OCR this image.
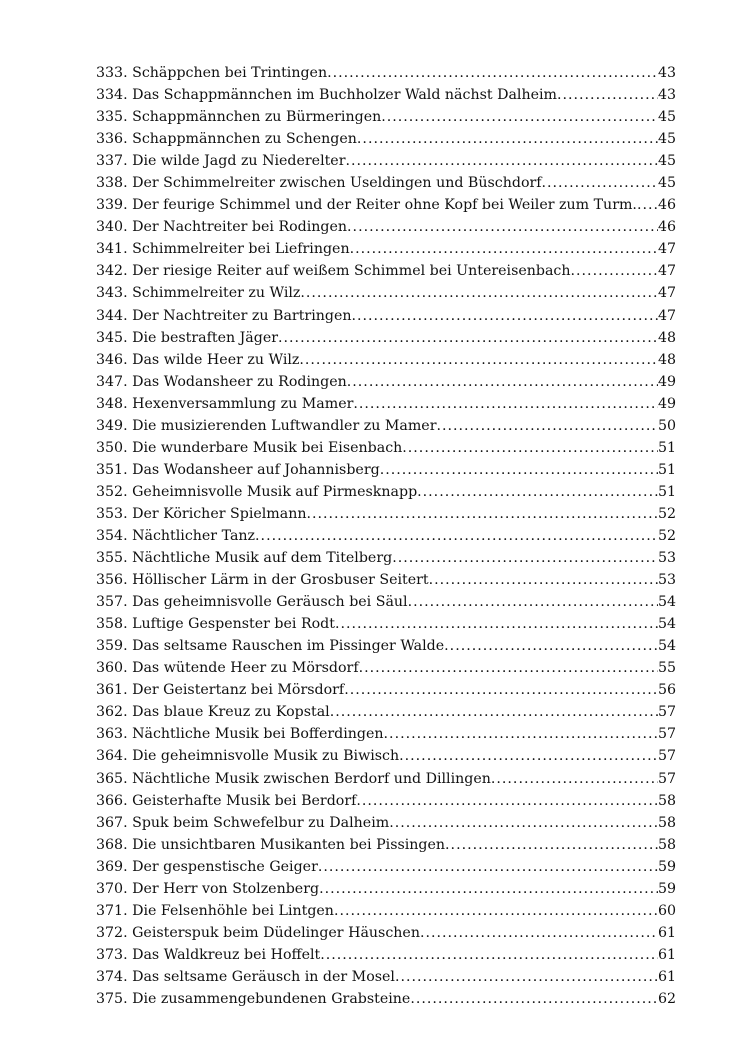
333. Schäppchen bei Trintingen .....	43
334. Das Schappmännchen im Buchholzer Wald nächst Dalheim .....	43
335. Schappmännchen zu Bürmeringen .....	45
336. Schappmännchen zu Schengen .....	45
337. Die wilde Jagd zu Niederelter .....	45
338. Der Schimmelreiter zwischen Useldingen und Büschdorf .....	45
339. Der feurige Schimmel und der Reiter ohne Kopf bei Weiler zum Turm. ..... 46
340. Der Nachtreiter bei Rodingen .....	46
341. Schimmelreiter bei Liefringen .....	47
342. Der riesige Reiter auf weißem Schimmel bei Untereisenbach .....	47
343. Schimmelreiter zu Wilz .....	47
344. Der Nachtreiter zu Bartringen .....	47
345. Die bestraften Jäger .....	48
346. Das wilde Heer zu Wilz .....	48
347. Das Wodansheer zu Rodingen .....	49
348. Hexenversammlung zu Mamer .....	49
349. Die musizierenden Luftwandler zu Mamer .....	50
350. Die wunderbare Musik bei Eisenbach .....	51
351. Das Wodansheer auf Johannisberg .....	51
352. Geheimnisvolle Musik auf Pirmesknapp .....	51
353. Der Köricher Spielmann .....	52
354. Nächtlicher Tanz .....	52
355. Nächtliche Musik auf dem Titelberg .....	53
356. Höllischer Lärm in der Grosbuser Seitert .....	53
357. Das geheimnisvolle Geräusch bei Säul .....	54
358. Luftige Gespenster bei Rodt .....	54
359. Das seltsame Rauschen im Pissinger Walde .....	54
360. Das wütende Heer zu Mörsdorf .....	55
361. Der Geistertanz bei Mörsdorf .....	56
362. Das blaue Kreuz zu Kopstal .....	57
363. Nächtliche Musik bei Bofferdingen .....	57
364. Die geheimnisvolle Musik zu Biwisch .....	57
365. Nächtliche Musik zwischen Berdorf und Dillingen .....	57
366. Geisterhafte Musik bei Berdorf .....	58
367. Spuk beim Schwefelbur zu Dalheim .....	58
368. Die unsichtbaren Musikanten bei Pissingen .....	58
369. Der gespenstische Geiger .....	59
370. Der Herr von Stolzenberg .....	59
371. Die Felsenhöhle bei Lintgen .....	60
372. Geisterspuk beim Düdelinger Häuschen .....	61
373. Das Waldkreuz bei Hoffelt .....	61
374. Das seltsame Geräusch in der Mosel .....	61
375. Die zusammengebundenen Grabsteine .....	62
